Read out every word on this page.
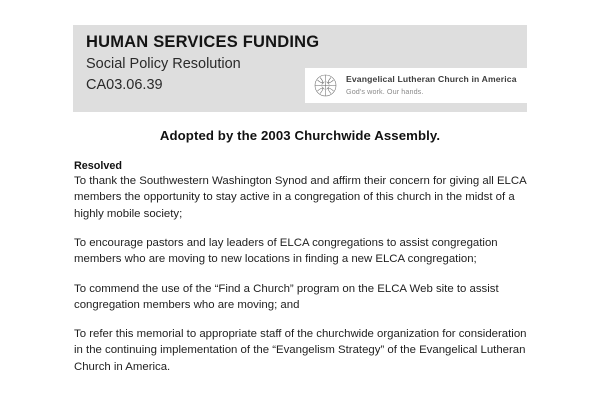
HUMAN SERVICES FUNDING
Social Policy Resolution
CA03.06.39	Evangelical Lutheran Church in America
God's work. Our hands.
Adopted by the 2003 Churchwide Assembly.
Resolved

To thank the Southwestern Washington Synod and affirm their concern for giving all ELCA members the opportunity to stay active in a congregation of this church in the midst of a highly mobile society;

To encourage pastors and lay leaders of ELCA congregations to assist congregation members who are moving to new locations in finding a new ELCA congregation;

To commend the use of the “Find a Church” program on the ELCA Web site to assist congregation members who are moving; and

To refer this memorial to appropriate staff of the churchwide organization for consideration in the continuing implementation of the “Evangelism Strategy” of the Evangelical Lutheran Church in America.
